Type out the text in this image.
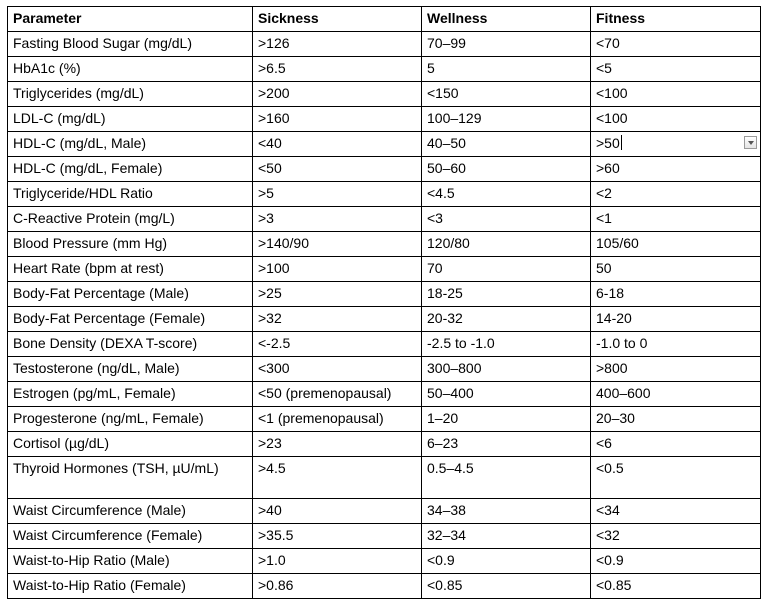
Parameter	Sickness	Wellness	Fitness
Fasting Blood Sugar (mg/dL)	>126	70–99	<70
HbA1c (%)	>6.5	5	<5
Triglycerides (mg/dL)	>200	<150	<100
LDL-C (mg/dL)	>160	100–129	<100
HDL-C (mg/dL, Male)	<40	40–50	>50

HDL-C (mg/dL, Female)	<50	50–60	>60
Triglyceride/HDL Ratio	>5	<4.5	<2
C-Reactive Protein (mg/L)	>3	<3	<1
Blood Pressure (mm Hg)	>140/90	120/80	105/60
Heart Rate (bpm at rest)	>100	70	50
Body-Fat Percentage (Male)	>25	18-25	6-18
Body-Fat Percentage (Female)	>32	20-32	14-20
Bone Density (DEXA T-score)	<-2.5	-2.5 to -1.0	-1.0 to 0
Testosterone (ng/dL, Male)	<300	300–800	>800
Estrogen (pg/mL, Female)	<50 (premenopausal)	50–400	400–600
Progesterone (ng/mL, Female)	<1 (premenopausal)	1–20	20–30
Cortisol (µg/dL)	>23	6–23	<6
Thyroid Hormones (TSH, µU/mL)	>4.5	0.5–4.5	<0.5
Waist Circumference (Male)	>40	34–38	<34
Waist Circumference (Female)	>35.5	32–34	<32
Waist-to-Hip Ratio (Male)	>1.0	<0.9	<0.9
Waist-to-Hip Ratio (Female)	>0.86	<0.85	<0.85
